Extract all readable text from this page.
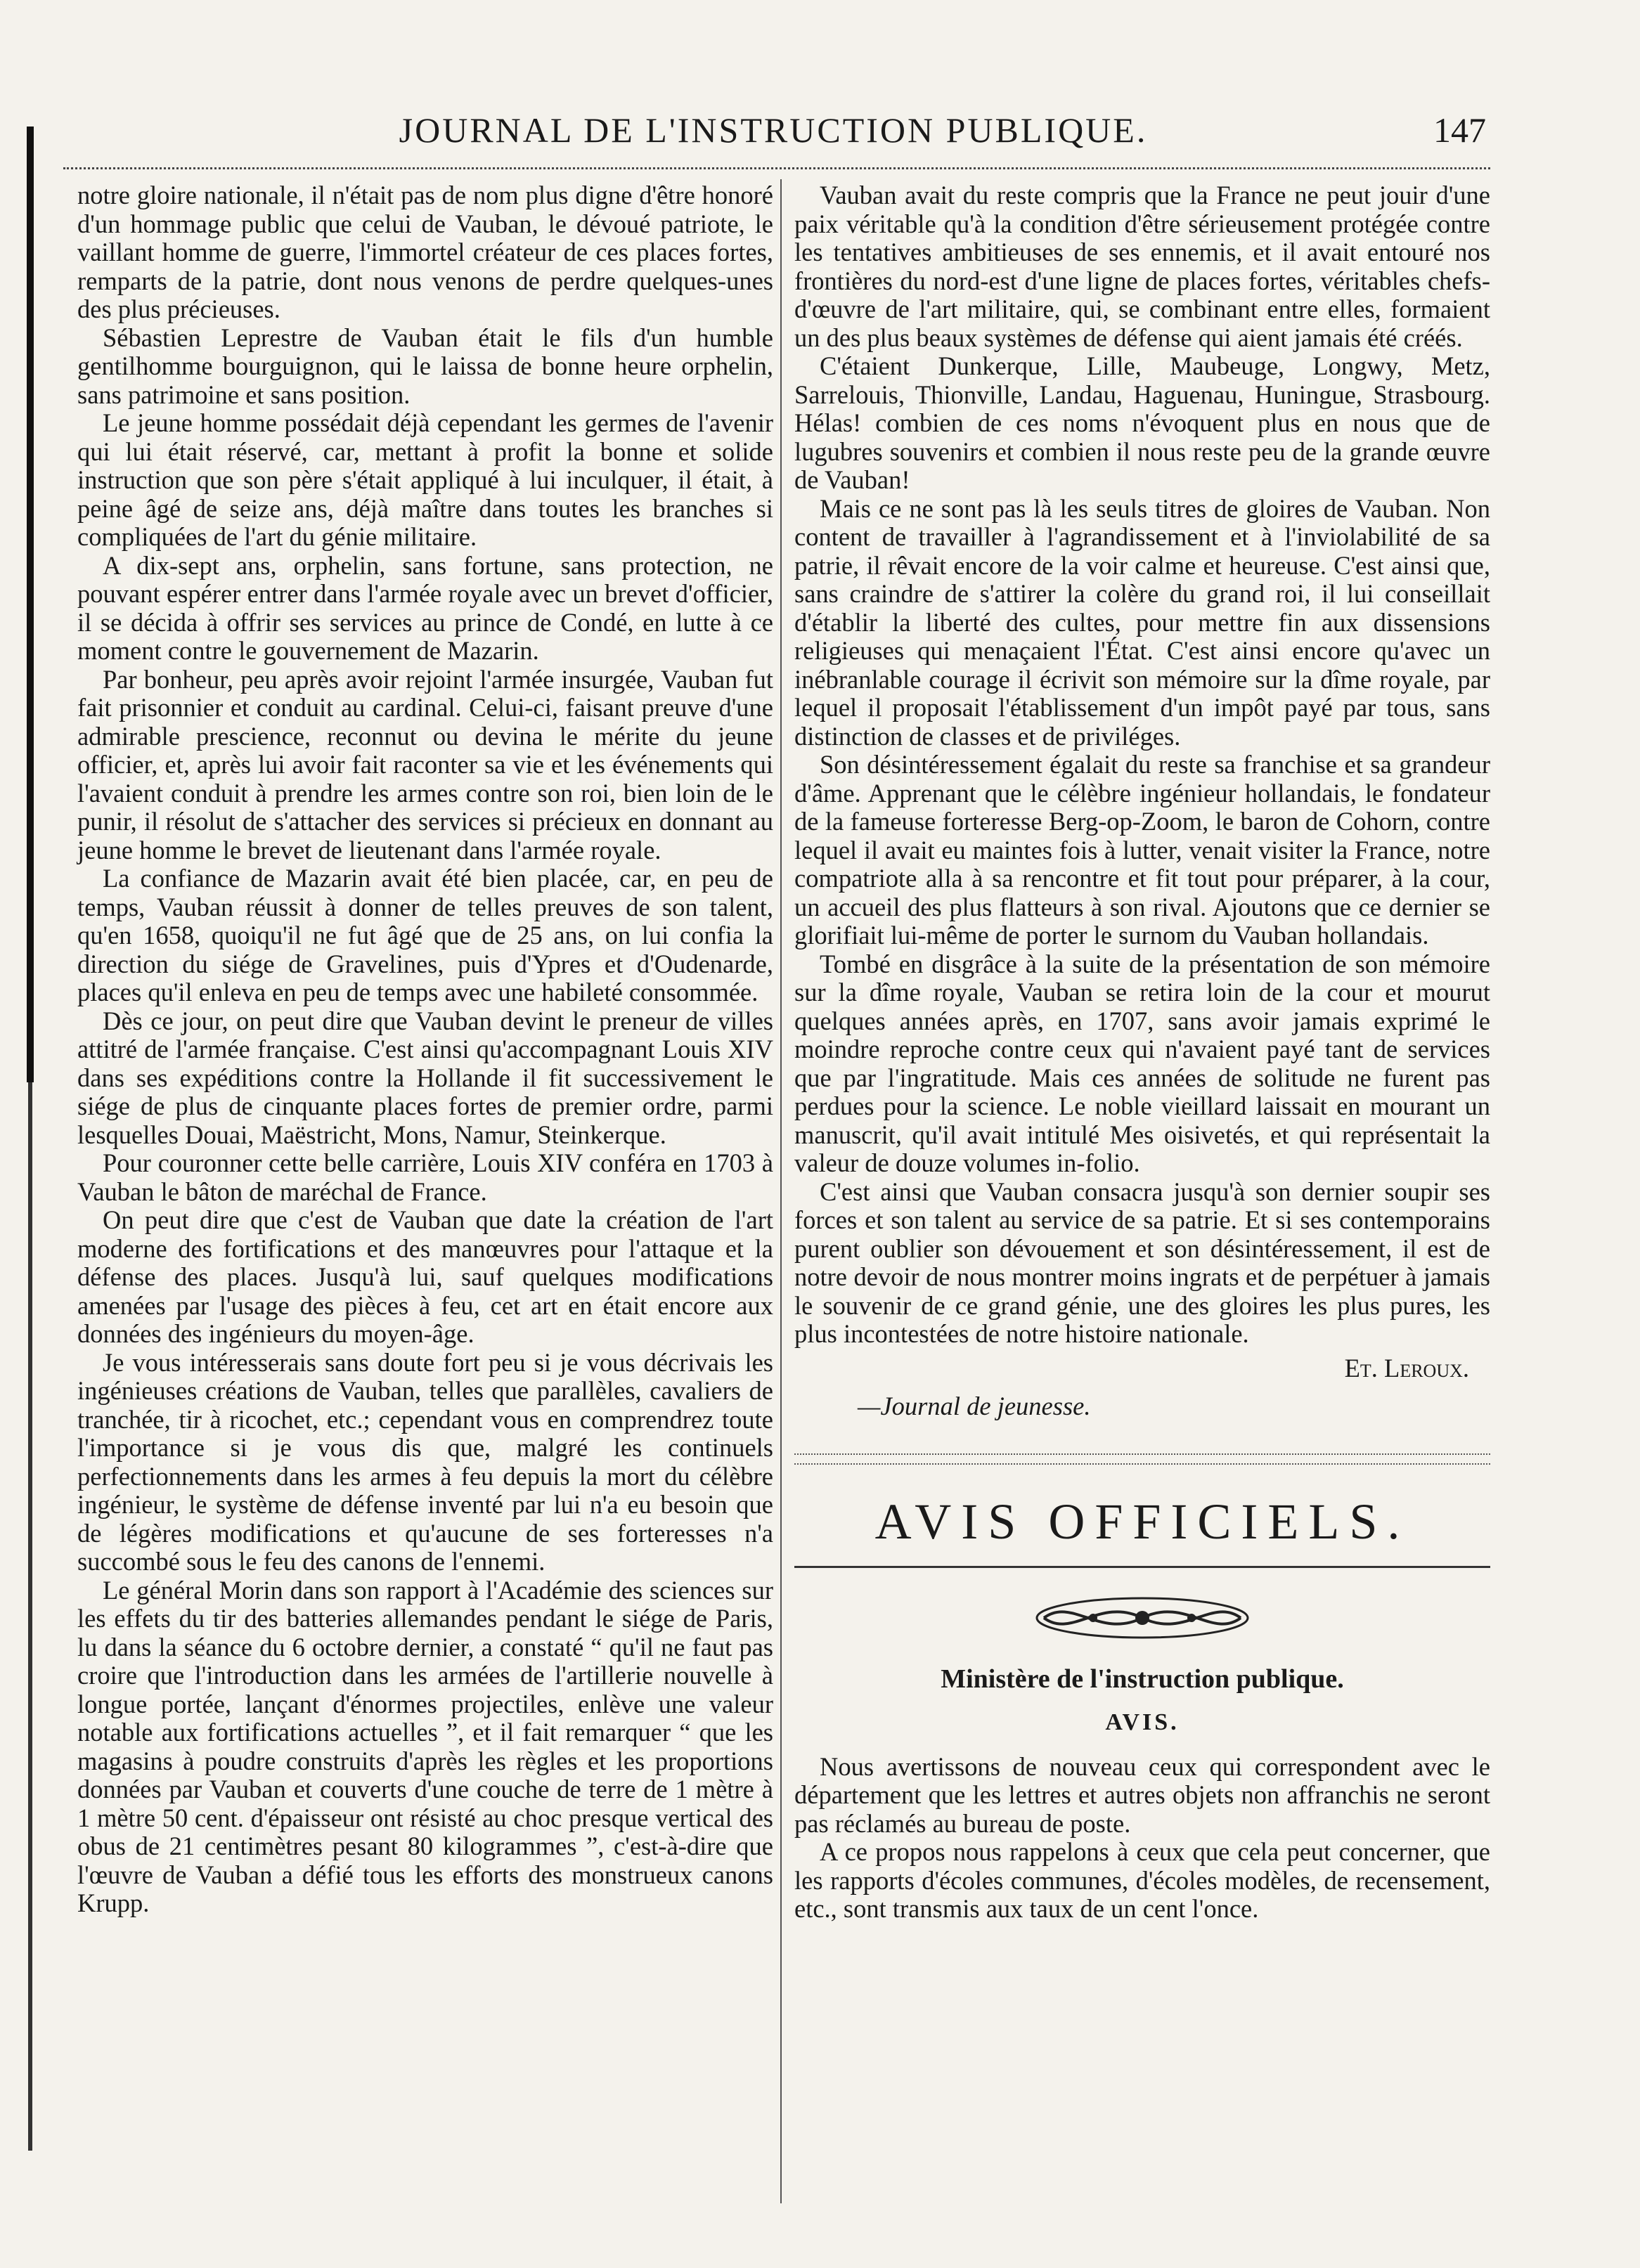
JOURNAL DE L'INSTRUCTION PUBLIQUE.	147

notre gloire nationale, il n'était pas de nom plus digne d'être honoré d'un hommage public que celui de Vauban, le dévoué patriote, le vaillant homme de guerre, l'immortel créateur de ces places fortes, remparts de la patrie, dont nous venons de perdre quelques-unes des plus précieuses.

Sébastien Leprestre de Vauban était le fils d'un humble gentilhomme bourguignon, qui le laissa de bonne heure orphelin, sans patrimoine et sans position.

Le jeune homme possédait déjà cependant les germes de l'avenir qui lui était réservé, car, mettant à profit la bonne et solide instruction que son père s'était appliqué à lui inculquer, il était, à peine âgé de seize ans, déjà maître dans toutes les branches si compliquées de l'art du génie militaire.

A dix-sept ans, orphelin, sans fortune, sans protection, ne pouvant espérer entrer dans l'armée royale avec un brevet d'officier, il se décida à offrir ses services au prince de Condé, en lutte à ce moment contre le gouvernement de Mazarin.

Par bonheur, peu après avoir rejoint l'armée insurgée, Vauban fut fait prisonnier et conduit au cardinal. Celui-ci, faisant preuve d'une admirable prescience, reconnut ou devina le mérite du jeune officier, et, après lui avoir fait raconter sa vie et les événements qui l'avaient conduit à prendre les armes contre son roi, bien loin de le punir, il résolut de s'attacher des services si précieux en donnant au jeune homme le brevet de lieutenant dans l'armée royale.

La confiance de Mazarin avait été bien placée, car, en peu de temps, Vauban réussit à donner de telles preuves de son talent, qu'en 1658, quoiqu'il ne fut âgé que de 25 ans, on lui confia la direction du siége de Gravelines, puis d'Ypres et d'Oudenarde, places qu'il enleva en peu de temps avec une habileté consommée.

Dès ce jour, on peut dire que Vauban devint le preneur de villes attitré de l'armée française. C'est ainsi qu'accompagnant Louis XIV dans ses expéditions contre la Hollande il fit successivement le siége de plus de cinquante places fortes de premier ordre, parmi lesquelles Douai, Maëstricht, Mons, Namur, Steinkerque.

Pour couronner cette belle carrière, Louis XIV conféra en 1703 à Vauban le bâton de maréchal de France.

On peut dire que c'est de Vauban que date la création de l'art moderne des fortifications et des manœuvres pour l'attaque et la défense des places. Jusqu'à lui, sauf quelques modifications amenées par l'usage des pièces à feu, cet art en était encore aux données des ingénieurs du moyen-âge.

Je vous intéresserais sans doute fort peu si je vous décrivais les ingénieuses créations de Vauban, telles que parallèles, cavaliers de tranchée, tir à ricochet, etc.; cependant vous en comprendrez toute l'importance si je vous dis que, malgré les continuels perfectionnements dans les armes à feu depuis la mort du célèbre ingénieur, le système de défense inventé par lui n'a eu besoin que de légères modifications et qu'aucune de ses forteresses n'a succombé sous le feu des canons de l'ennemi.

Le général Morin dans son rapport à l'Académie des sciences sur les effets du tir des batteries allemandes pendant le siége de Paris, lu dans la séance du 6 octobre dernier, a constaté “ qu'il ne faut pas croire que l'introduction dans les armées de l'artillerie nouvelle à longue portée, lançant d'énormes projectiles, enlève une valeur notable aux fortifications actuelles ”, et il fait remarquer “ que les magasins à poudre construits d'après les règles et les proportions données par Vauban et couverts d'une couche de terre de 1 mètre à 1 mètre 50 cent. d'épaisseur ont résisté au choc presque vertical des obus de 21 centimètres pesant 80 kilogrammes ”, c'est-à-dire que l'œuvre de Vauban a défié tous les efforts des monstrueux canons Krupp.

Vauban avait du reste compris que la France ne peut jouir d'une paix véritable qu'à la condition d'être sérieusement protégée contre les tentatives ambitieuses de ses ennemis, et il avait entouré nos frontières du nord-est d'une ligne de places fortes, véritables chefs-d'œuvre de l'art militaire, qui, se combinant entre elles, formaient un des plus beaux systèmes de défense qui aient jamais été créés.

C'étaient Dunkerque, Lille, Maubeuge, Longwy, Metz, Sarrelouis, Thionville, Landau, Haguenau, Huningue, Strasbourg. Hélas! combien de ces noms n'évoquent plus en nous que de lugubres souvenirs et combien il nous reste peu de la grande œuvre de Vauban!

Mais ce ne sont pas là les seuls titres de gloires de Vauban. Non content de travailler à l'agrandissement et à l'inviolabilité de sa patrie, il rêvait encore de la voir calme et heureuse. C'est ainsi que, sans craindre de s'attirer la colère du grand roi, il lui conseillait d'établir la liberté des cultes, pour mettre fin aux dissensions religieuses qui menaçaient l'État. C'est ainsi encore qu'avec un inébranlable courage il écrivit son mémoire sur la dîme royale, par lequel il proposait l'établissement d'un impôt payé par tous, sans distinction de classes et de priviléges.

Son désintéressement égalait du reste sa franchise et sa grandeur d'âme. Apprenant que le célèbre ingénieur hollandais, le fondateur de la fameuse forteresse Berg-op-Zoom, le baron de Cohorn, contre lequel il avait eu maintes fois à lutter, venait visiter la France, notre compatriote alla à sa rencontre et fit tout pour préparer, à la cour, un accueil des plus flatteurs à son rival. Ajoutons que ce dernier se glorifiait lui-même de porter le surnom du Vauban hollandais.

Tombé en disgrâce à la suite de la présentation de son mémoire sur la dîme royale, Vauban se retira loin de la cour et mourut quelques années après, en 1707, sans avoir jamais exprimé le moindre reproche contre ceux qui n'avaient payé tant de services que par l'ingratitude. Mais ces années de solitude ne furent pas perdues pour la science. Le noble vieillard laissait en mourant un manuscrit, qu'il avait intitulé Mes oisivetés, et qui représentait la valeur de douze volumes in-folio.

C'est ainsi que Vauban consacra jusqu'à son dernier soupir ses forces et son talent au service de sa patrie. Et si ses contemporains purent oublier son dévouement et son désintéressement, il est de notre devoir de nous montrer moins ingrats et de perpétuer à jamais le souvenir de ce grand génie, une des gloires les plus pures, les plus incontestées de notre histoire nationale.

Et. Leroux.
—Journal de jeunesse.
AVIS OFFICIELS.
Ministère de l'instruction publique.
AVIS.

Nous avertissons de nouveau ceux qui correspondent avec le département que les lettres et autres objets non affranchis ne seront pas réclamés au bureau de poste.

A ce propos nous rappelons à ceux que cela peut concerner, que les rapports d'écoles communes, d'écoles modèles, de recensement, etc., sont transmis aux taux de un cent l'once.
